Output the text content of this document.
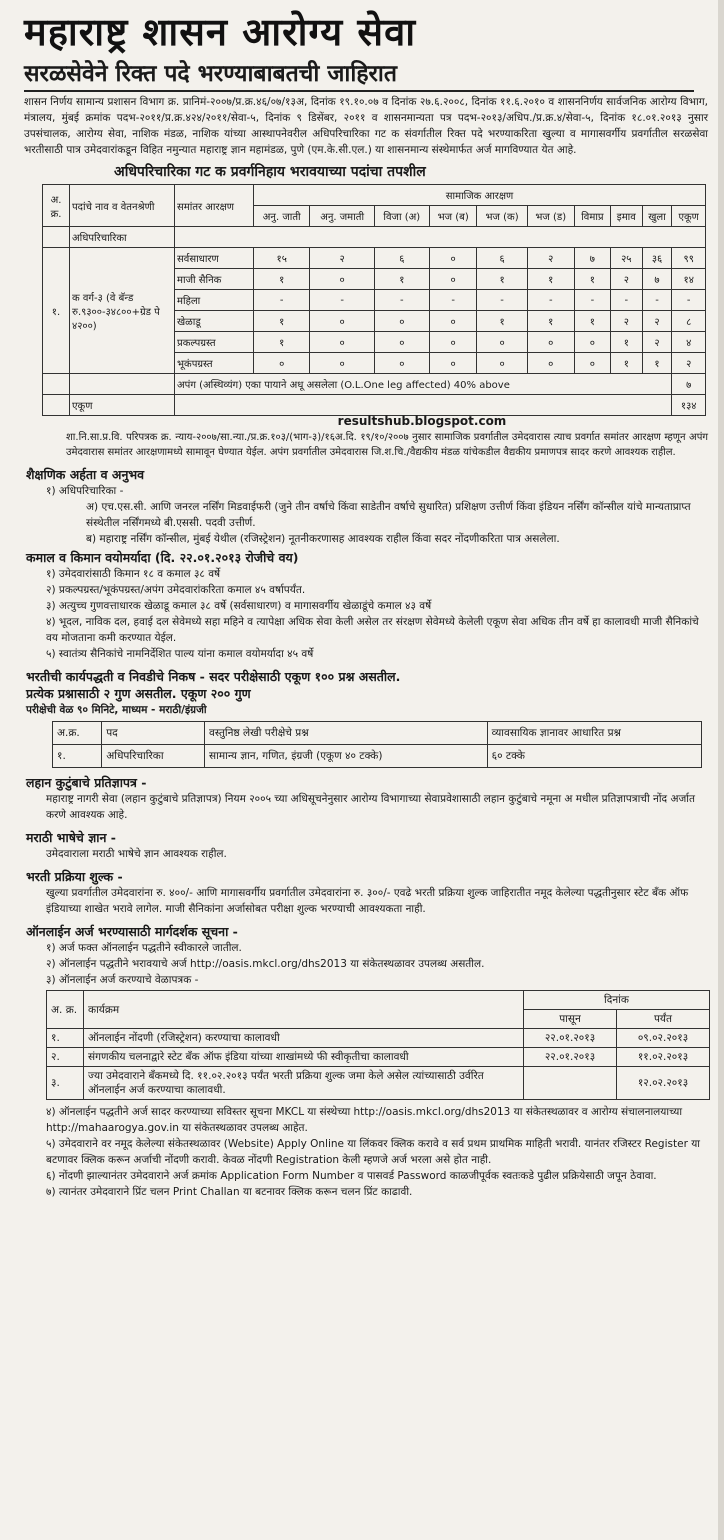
महाराष्ट्र शासन आरोग्य सेवा
सरळसेवेने रिक्त पदे भरण्याबाबतची जाहिरात
शासन निर्णय सामान्य प्रशासन विभाग क्र. प्रानिमं-२००७/प्र.क्र.४६/०७/१३अ, दिनांक १९.१०.०७ व दिनांक २७.६.२००८, दिनांक ११.६.२०१० व शासननिर्णय सार्वजनिक आरोग्य विभाग, मंत्रालय, मुंबई क्रमांक पदभ-२०११/प्र.क्र.४२४/२०११/सेवा-५, दिनांक ९ डिसेंबर, २०११ व शासनमान्यता पत्र पदभ-२०१३/अधिप./प्र.क्र.४/सेवा-५, दिनांक १८.०१.२०१३ नुसार उपसंचालक, आरोग्य सेवा, नाशिक मंडळ, नाशिक यांच्या आस्थापनेवरील अधिपरिचारिका गट क संवर्गातील रिक्त पदे भरण्याकरिता खुल्या व मागासवर्गीय प्रवर्गातील सरळसेवा भरतीसाठी पात्र उमेदवारांकडून विहित नमुन्यात महाराष्ट्र ज्ञान महामंडळ, पुणे (एम.के.सी.एल.) या शासनमान्य संस्थेमार्फत अर्ज मागविण्यात येत आहे.
अधिपरिचारिका गट क प्रवर्गनिहाय भरावयाच्या पदांचा तपशील
अ. क्र.	पदांचे नाव व वेतनश्रेणी	समांतर आरक्षण	सामाजिक आरक्षण									
			अनु. जाती	अनु. जमाती	विजा (अ)	भज (ब)	भज (क)	भज (ड)	विमाप्र	इमाव	खुला	एकूण
	अधिपरिचारिका											
१.	क वर्ग-३ (वे बॅन्ड रु.९३००-३४८००+ग्रेड पे ४२००)	सर्वसाधारण	१५	२	६	०	६	२	७	२५	३६	९९
		माजी सैनिक	१	०	१	०	१	१	१	२	७	१४
		महिला	-	-	-	-	-	-	-	-	-	-
		खेळाडू	१	०	०	०	१	१	१	२	२	८
		प्रकल्पग्रस्त	१	०	०	०	०	०	०	१	२	४
		भूकंपग्रस्त	०	०	०	०	०	०	०	१	१	२
		अपंग (अस्थिव्यंग) एका पायाने अधू असलेला (O.L.One leg affected) 40% above										७
	एकूण											१३४
resultshub.blogspot.com
शा.नि.सा.प्र.वि. परिपत्रक क्र. न्याय-२००७/सा.न्या./प्र.क्र.१०३/(भाग-३)/१६अ.दि. १९/१०/२००७ नुसार सामाजिक प्रवर्गातील उमेदवारास त्याच प्रवर्गात समांतर आरक्षण म्हणून अपंग उमेदवारास समांतर आरक्षणामध्ये सामावून घेण्यात येईल. अपंग प्रवर्गातील उमेदवारास जि.श.चि./वैद्यकीय मंडळ यांचेकडील वैद्यकीय प्रमाणपत्र सादर करणे आवश्यक राहील.
शैक्षणिक अर्हता व अनुभव
१) अधिपरिचारिका -
अ) एच.एस.सी. आणि जनरल नर्सिंग मिडवाईफरी (जुने तीन वर्षाचे किंवा साडेतीन वर्षाचे सुधारित) प्रशिक्षण उत्तीर्ण किंवा इंडियन नर्सिंग कॉन्सील यांचे मान्यताप्राप्त संस्थेतील नर्सिंगमध्ये बी.एससी. पदवी उत्तीर्ण.
ब) महाराष्ट्र नर्सिंग कॉन्सील, मुंबई येथील (रजिस्ट्रेशन) नूतनीकरणासह आवश्यक राहील किंवा सदर नोंदणीकरिता पात्र असलेला.
कमाल व किमान वयोमर्यादा (दि. २२.०१.२०१३ रोजीचे वय)
१) उमेदवारांसाठी किमान १८ व कमाल ३८ वर्षे
२) प्रकल्पग्रस्त/भूकंपग्रस्त/अपंग उमेदवारांकरिता कमाल ४५ वर्षापर्यंत.
३) अत्युच्च गुणवत्ताधारक खेळाडू कमाल ३८ वर्षे (सर्वसाधारण) व मागासवर्गीय खेळाडूंचे कमाल ४३ वर्षे
४) भूदल, नाविक दल, हवाई दल सेवेमध्ये सहा महिने व त्यापेक्षा अधिक सेवा केली असेल तर संरक्षण सेवेमध्ये केलेली एकूण सेवा अधिक तीन वर्षे हा कालावधी माजी सैनिकांचे वय मोजताना कमी करण्यात येईल.
५) स्वातंत्र्य सैनिकांचे नामनिर्देशित पाल्य यांना कमाल वयोमर्यादा ४५ वर्षे
भरतीची कार्यपद्धती व निवडीचे निकष - सदर परीक्षेसाठी एकूण १०० प्रश्न असतील.
प्रत्येक प्रश्नासाठी २ गुण असतील. एकूण २०० गुण
परीक्षेची वेळ ९० मिनिटे, माध्यम - मराठी/इंग्रजी
अ.क्र.	पद	वस्तुनिष्ठ लेखी परीक्षेचे प्रश्न	व्यावसायिक ज्ञानावर आधारित प्रश्न
१.	अधिपरिचारिका	सामान्य ज्ञान, गणित, इंग्रजी (एकूण ४० टक्के)	६० टक्के
लहान कुटुंबाचे प्रतिज्ञापत्र -
महाराष्ट्र नागरी सेवा (लहान कुटुंबाचे प्रतिज्ञापत्र) नियम २००५ च्या अधिसूचनेनुसार आरोग्य विभागाच्या सेवाप्रवेशासाठी लहान कुटुंबाचे नमूना अ मधील प्रतिज्ञापत्राची नोंद अर्जात करणे आवश्यक आहे.
मराठी भाषेचे ज्ञान -
उमेदवाराला मराठी भाषेचे ज्ञान आवश्यक राहील.
भरती प्रक्रिया शुल्क -
खुल्या प्रवर्गातील उमेदवारांना रु. ४००/- आणि मागासवर्गीय प्रवर्गातील उमेदवारांना रु. ३००/- एवढे भरती प्रक्रिया शुल्क जाहिरातीत नमूद केलेल्या पद्धतीनुसार स्टेट बँक ऑफ इंडियाच्या शाखेत भरावे लागेल. माजी सैनिकांना अर्जासोबत परीक्षा शुल्क भरण्याची आवश्यकता नाही.
ऑनलाईन अर्ज भरण्यासाठी मार्गदर्शक सूचना -
१) अर्ज फक्त ऑनलाईन पद्धतीने स्वीकारले जातील.
२) ऑनलाईन पद्धतीने भरावयाचे अर्ज http://oasis.mkcl.org/dhs2013 या संकेतस्थळावर उपलब्ध असतील.
३) ऑनलाईन अर्ज करण्याचे वेळापत्रक -
अ. क्र.	कार्यक्रम	दिनांक	
		पासून	पर्यंत
१.	ऑनलाईन नोंदणी (रजिस्ट्रेशन) करण्याचा कालावधी	२२.०१.२०१३	०९.०२.२०१३
२.	संगणकीय चलनाद्वारे स्टेट बँक ऑफ इंडिया यांच्या शाखांमध्ये फी स्वीकृतीचा कालावधी	२२.०१.२०१३	११.०२.२०१३
३.	ज्या उमेदवाराने बँकमध्ये दि. ११.०२.२०१३ पर्यंत भरती प्रक्रिया शुल्क जमा केले असेल त्यांच्यासाठी उर्वरित ऑनलाईन अर्ज करण्याचा कालावधी.		१२.०२.२०१३
४) ऑनलाईन पद्धतीने अर्ज सादर करण्याच्या सविस्तर सूचना MKCL या संस्थेच्या http://oasis.mkcl.org/dhs2013 या संकेतस्थळावर व आरोग्य संचालनालयाच्या http://mahaarogya.gov.in या संकेतस्थळावर उपलब्ध आहेत.
५) उमेदवाराने वर नमूद केलेल्या संकेतस्थळावर (Website) Apply Online या लिंकवर क्लिक करावे व सर्व प्रथम प्राथमिक माहिती भरावी. यानंतर रजिस्टर Register या बटणावर क्लिक करून अर्जाची नोंदणी करावी. केवळ नोंदणी Registration केली म्हणजे अर्ज भरला असे होत नाही.
६) नोंदणी झाल्यानंतर उमेदवाराने अर्ज क्रमांक Application Form Number व पासवर्ड Password काळजीपूर्वक स्वतःकडे पुढील प्रक्रियेसाठी जपून ठेवावा.
७) त्यानंतर उमेदवाराने प्रिंट चलन Print Challan या बटनावर क्लिक करून चलन प्रिंट काढावी.
